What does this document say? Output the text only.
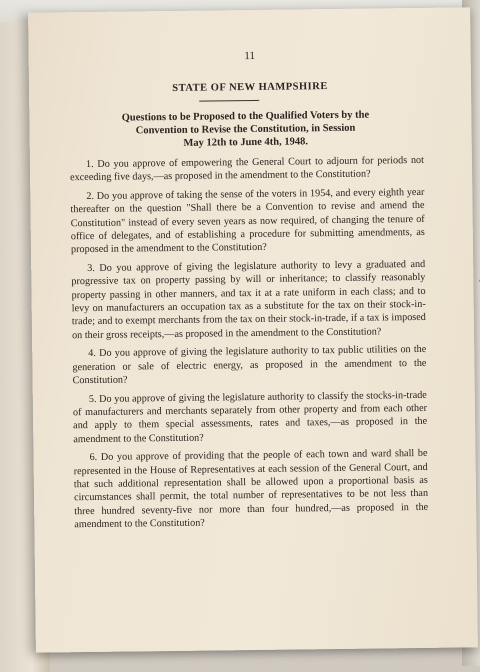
11
STATE OF NEW HAMPSHIRE
Questions to be Proposed to the Qualified Voters by the
Convention to Revise the Constitution, in Session
May 12th to June 4th, 1948.

1. Do you approve of empowering the General Court to adjourn for periods not exceeding five days,—as proposed in the amendment to the Constitution?

2. Do you approve of taking the sense of the voters in 1954, and every eighth year thereafter on the question "Shall there be a Convention to revise and amend the Constitution" instead of every seven years as now required, of changing the tenure of office of delegates, and of establishing a procedure for submitting amendments, as proposed in the amendment to the Constitution?

3. Do you approve of giving the legislature authority to levy a graduated and progressive tax on property passing by will or inheritance; to classify reasonably property passing in other manners, and tax it at a rate uniform in each class; and to levy on manufacturers an occupation tax as a substitute for the tax on their stock-in-trade; and to exempt merchants from the tax on their stock-in-trade, if a tax is imposed on their gross receipts,—as proposed in the amendment to the Constitution?

4. Do you approve of giving the legislature authority to tax public utilities on the generation or sale of electric energy, as proposed in the amendment to the Constitution?

5. Do you approve of giving the legislature authority to classify the stocks-in-trade of manufacturers and merchants separately from other property and from each other and apply to them special assessments, rates and taxes,—as proposed in the amendment to the Constitution?

6. Do you approve of providing that the people of each town and ward shall be represented in the House of Representatives at each session of the General Court, and that such additional representation shall be allowed upon a proportional basis as circumstances shall permit, the total number of representatives to be not less than three hundred seventy-five nor more than four hundred,—as proposed in the amendment to the Constitution?
